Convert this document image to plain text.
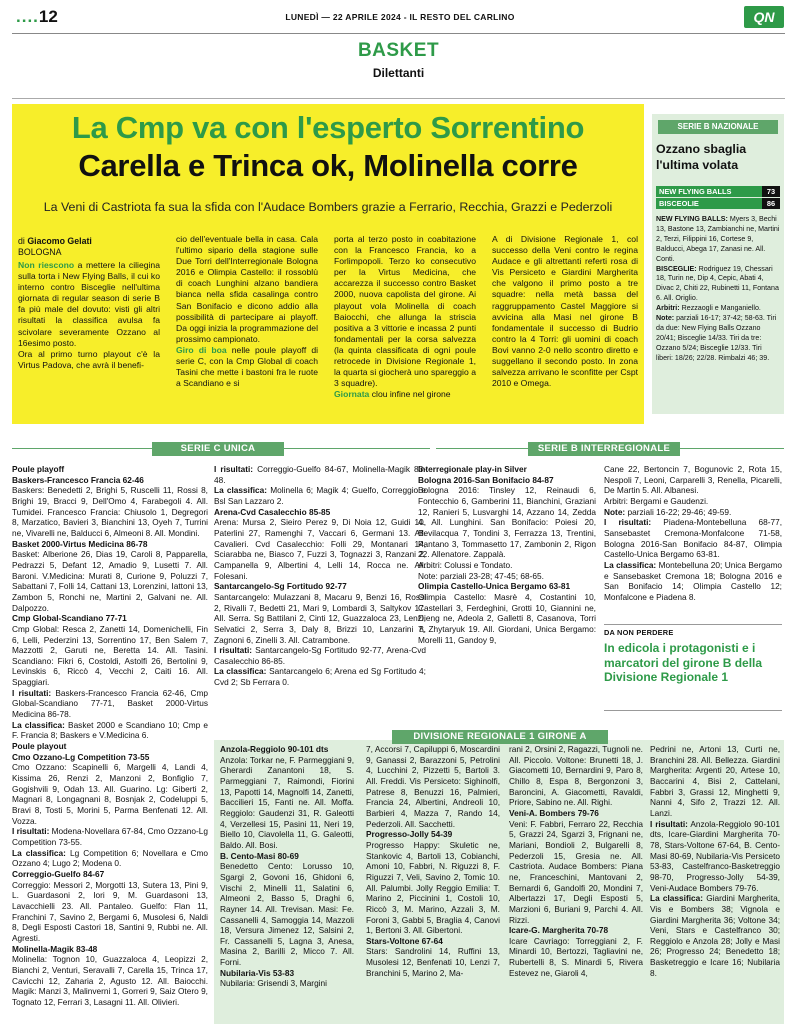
....12	LUNEDÌ — 22 APRILE 2024 - IL RESTO DEL CARLINO	QN
BASKET
Dilettanti
La Cmp va con l'esperto Sorrentino
Carella e Trinca ok, Molinella corre
La Veni di Castriota fa sua la sfida con l'Audace Bombers grazie a Ferrario, Recchia, Grazzi e Pederzoli
di Giacomo Gelati
BOLOGNA
Non riescono a mettere la ciliegina sulla torta i New Flying Balls, il cui ko interno contro Bisceglie nell'ultima giornata di regular season di serie B fa più male del dovuto: visti gli altri risultati la classifica avulsa fa scivolare severamente Ozzano al 16esimo posto.
Ora al primo turno playout c'è la Virtus Padova, che avrà il benefi-
cio dell'eventuale bella in casa. Cala l'ultimo sipario della stagione sulle Due Torri dell'Interregionale Bologna 2016 e Olimpia Castello: il rossoblù di coach Lunghini alzano bandiera bianca nella sfida casalinga contro San Bonifacio e dicono addio alla possibilità di partecipare ai playoff. Da oggi inizia la programmazione del prossimo campionato.
Giro di boa nelle poule playoff di serie C, con la Cmp Global di coach Tasini che mette i bastoni fra le ruote a Scandiano e si
porta al terzo posto in coabitazione con la Francesco Francia, ko a Forlimpopoli. Terzo ko consecutivo per la Virtus Medicina, che accarezza il successo contro Basket 2000, nuova capolista del girone. Ai playout vola Molinella di coach Baiocchi, che allunga la striscia positiva a 3 vittorie e incassa 2 punti fondamentali per la corsa salvezza (la quinta classificata di ogni poule retrocede in Divisione Regionale 1, la quarta si giocherà uno spareggio a 3 squadre).
Giornata clou infine nel girone
A di Divisione Regionale 1, col successo della Veni contro le regina Audace e gli altrettanti referti rosa di Vis Persiceto e Giardini Margherita che valgono il primo posto a tre squadre: nella metà bassa del raggruppamento Castel Maggiore si avvicina alla Masi nel girone B fondamentale il successo di Budrio contro la 4 Torri: gli uomini di coach Bovi vanno 2-0 nello scontro diretto e suggellano il secondo posto. In zona salvezza arrivano le sconfitte per Cspt 2010 e Omega.
SERIE B NAZIONALE
Ozzano sbaglia l'ultima volata
NEW FLYING BALLS	73
BISCEOLIE	86
NEW FLYING BALLS: Myers 3, Bechi 13, Bastone 13, Zambianchi ne, Martini 2, Terzi, Filippini 16, Cortese 9, Balducci, Abega 17, Zanasi ne. All. Conti.
BISCEGLIE: Rodriguez 19, Chessari 18, Turin ne, Dip 4, Cepic, Abati 4, Divac 2, Chiti 22, Rubinetti 11, Fontana 6. All. Origlio.
Arbitri: Rezzaogli e Manganiello.
Note: parziali 16-17; 37-42; 58-63. Tiri da due: New Flying Balls Ozzano 20/41; Bisceglie 14/33. Tiri da tre: Ozzano 5/24; Bisceglie 12/33. Tiri liberi: 18/26; 22/28. Rimbalzi 46; 39.
SERIE C UNICA
Poule playoff
Baskers-Francesco Francia 62-46
Baskers: Benedetti 2, Brighi 5, Ruscelli 11, Rossi 8, Brighi 19, Bracci 9, Dell'Omo 4, Farabegoli 4. All. Tumidei. Francesco Francia: Chiusolo 1, Degregori 8, Marzatico, Bavieri 3, Bianchini 13, Oyeh 7, Turrini ne, Vivarelli ne, Balducci 6, Almeoni 8. All. Mondini.
Basket 2000-Virtus Medicina 86-78
Basket: Alberione 26, Dias 19, Caroli 8, Papparella, Pedrazzi 5, Defant 12, Amadio 9, Lusetti 7. All. Baroni. V.Medicina: Murati 8, Curione 9, Poluzzi 7, Sabattani 7, Folli 14, Cattani 13, Lorenzini, Iattoni 13, Zambon 5, Ronchi ne, Martini 2, Galvani ne. All. Dalpozzo.
Cmp Global-Scandiano 77-71
Cmp Global: Resca 2, Zanetti 14, Domenichelli, Fin 6, Lelli, Pederzini 13, Sorrentino 17, Ben Salem 7, Mazzotti 2, Garuti ne, Beretta 14. All. Tasini. Scandiano: Fikri 6, Costoldi, Astolfi 26, Bertolini 9, Levinskis 6, Riccò 4, Vecchi 2, Caiti 16. All. Spaggiari.
I risultati: Baskers-Francesco Francia 62-46, Cmp Global-Scandiano 77-71, Basket 2000-Virtus Medicina 86-78.
La classifica: Basket 2000 e Scandiano 10; Cmp e F. Francia 8; Baskers e V.Medicina 6.
Poule playout
Cmo Ozzano-Lg Competition 73-55
Cmo Ozzano: Scapinelli 6, Margelli 4, Landi 4, Kissima 26, Renzi 2, Manzoni 2, Bonfiglio 7, Gogishvili 9, Odah 13. All. Guarino. Lg: Giberti 2, Magnari 8, Longagnani 8, Bosnjak 2, Codeluppi 5, Bravi 8, Tosti 5, Morini 5, Parma Benfenati 12. All. Vozza.
I risultati: Modena-Novellara 67-84, Cmo Ozzano-Lg Competition 73-55.
La classifica: Lg Competition 6; Novellara e Cmo Ozzano 4; Lugo 2; Modena 0.
Correggio-Guelfo 84-67
Correggio: Messori 2, Morgotti 13, Sutera 13, Pini 9, L. Guardasoni 2, Iori 9, M. Guardasoni 13, Lavacchielli 23. All. Pantaleo. Guelfo: Flan 11, Franchini 7, Savino 2, Bergami 6, Musolesi 6, Naldi 8, Degli Esposti Castori 18, Santini 9, Rubbi ne. All. Agresti.
Molinella-Magik 83-48
Molinella: Tognon 10, Guazzaloca 4, Leopizzi 2, Bianchi 2, Venturi, Seravalli 7, Carella 15, Trinca 17, Cavicchi 12, Zaharia 2, Agusto 12. All. Baiocchi. Magik: Manzi 3, Malinverni 1, Gorreri 9, Saiz Otero 9, Tognato 12, Ferrari 3, Lasagni 11. All. Olivieri.
I risultati: Correggio-Guelfo 84-67, Molinella-Magik 83-48.
La classifica: Molinella 6; Magik 4; Guelfo, Correggio e Bsl San Lazzaro 2.
Arena-Cvd Casalecchio 85-85
Arena: Mursa 2, Sieiro Perez 9, Di Noia 12, Guidi 10, Paterlini 27, Ramenghi 7, Vaccari 6, Germani 13. All. Cavalieri. Cvd Casalecchio: Folli 29, Montanari 14, Sciarabba ne, Biasco 7, Fuzzi 3, Tognazzi 3, Ranzani 2, Campanella 9, Albertini 4, Lelli 14, Rocca ne. All. Folesani.
Santarcangelo-Sg Fortitudo 92-77
Santarcangelo: Mulazzani 8, Macaru 9, Benzi 16, Rossi 2, Rivalli 7, Bedetti 21, Mari 9, Lombardi 3, Saltykov 17. All. Serra. Sg Battilani 2, Cinti 12, Guazzaloca 23, Lenzi, Selvatici 2, Serra 3, Daly 8, Brizzi 10, Lanzarini 8, Zagnoni 6, Zinelli 3. All. Catrambone.
I risultati: Santarcangelo-Sg Fortitudo 92-77, Arena-Cvd Casalecchio 86-85.
La classifica: Santarcangelo 6; Arena ed Sg Fortitudo 4; Cvd 2; Sb Ferrara 0.
SERIE B INTERREGIONALE
Interregionale play-in Silver
Bologna 2016-San Bonifacio 84-87
Bologna 2016: Tinsley 12, Reinaudi 6, Fontecchio 6, Gamberini 11, Bianchini, Graziani 12, Ranieri 5, Lusvarghi 14, Azzano 14, Zedda 4. All. Lunghini. San Bonifacio: Poiesi 20, Bevilacqua 7, Tondini 3, Ferrazza 13, Trentini, Pantano 3, Tommasetto 17, Zambonin 2, Rigon 22. Allenatore. Zappalà.
Arbitri: Colussi e Tondato.
Note: parziali 23-28; 47-45; 68-65.
Olimpia Castello-Unica Bergamo 63-81
Olimpia Castello: Masrè 4, Costantini 10, Castellari 3, Ferdeghini, Grotti 10, Giannini ne, Dieng ne, Adeola 2, Galletti 8, Casanova, Torri 7, Zhytaryuk 19. All. Giordani, Unica Bergamo: Morelli 11, Gandoy 9,
Cane 22, Bertoncin 7, Bogunovic 2, Rota 15, Nespoli 7, Leoni, Carparelli 3, Renella, Picarelli, De Martin 5. All. Albanesi.
Arbitri: Bergami e Gaudenzi.
Note: parziali 16-22; 29-46; 49-59.
I risultati: Piadena-Montebelluna 68-77, Sansebastet Cremona-Monfalcone 71-58, Bologna 2016-San Bonifacio 84-87, Olimpia Castello-Unica Bergamo 63-81.
La classifica: Montebelluna 20; Unica Bergamo e Sansebasket Cremona 18; Bologna 2016 e San Bonifacio 14; Olimpia Castello 12; Monfalcone e Piadena 8.
DA NON PERDERE
In edicola i protagonisti e i marcatori del girone B della Divisione Regionale 1
DIVISIONE REGIONALE 1 GIRONE A
Anzola-Reggiolo 90-101 dts
Anzola: Torkar ne, F. Parmeggiani 9, Gherardi Zanantoni 18, S. Parmeggiani 7, Raimondi, Fiorini 13, Papotti 14, Magnolfi 14, Zanetti, Baccilieri 15, Fanti ne. All. Moffa. Reggiolo: Gaudenzi 31, R. Galeotti 4, Verzellesi 15, Pasini 11, Neri 19, Biello 10, Ciavolella 11, G. Galeotti, Baldo. All. Bosi.
B. Cento-Masi 80-69
Benedetto Cento: Lorusso 10, Sgargi 2, Govoni 16, Ghidoni 6, Vischi 2, Minelli 11, Salatini 6, Almeoni 2, Basso 5, Draghi 6, Rayner 14. All. Trevisan. Masi: Fe. Cassanelli 4, Samoggia 14, Mazzoli 18, Versura Jimenez 12, Salsini 2, Fr. Cassanelli 5, Lagna 3, Anesa, Masina 2, Barilli 2, Micco 7. All. Forni.
Nubilaria-Vis 53-83
Nubilaria: Grisendi 3, Margini
7, Accorsi 7, Capiluppi 6, Moscardini 9, Ganassi 2, Barazzoni 5, Petrolini 4, Lucchini 2, Pizzetti 5, Bartoli 3. All. Freddi. Vis Persiceto: Sighinolfi, Patrese 8, Benuzzi 16, Palmieri, Francia 24, Albertini, Andreoli 10, Barbieri 4, Mazza 7, Rando 14, Pederzoli. All. Sacchetti.
Progresso-Jolly 54-39
Progresso Happy: Skuletic ne, Stankovic 4, Bartoli 13, Cobianchi, Amoni 10, Fabbri, N. Riguzzi 8, F. Riguzzi 7, Veli, Savino 2, Tomic 10. All. Palumbi. Jolly Reggio Emilia: T. Marino 2, Piccinini 1, Costoli 10, Riccò 3, M. Marino, Azzali 3, M. Foroni 3, Gabbi 5, Braglia 4, Canovi 1, Bertoni 3. All. Gibertoni.
Stars-Voltone 67-64
Stars: Sandrolini 14, Ruffini 13, Musolesi 12, Benfenati 10, Lenzi 7, Branchini 5, Marino 2, Ma-
rani 2, Orsini 2, Ragazzi, Tugnoli ne. All. Piccolo. Voltone: Brunetti 18, J. Giacometti 10, Bernardini 9, Paro 8, Chillo 8, Espa 8, Bergonzoni 3, Baroncini, A. Giacometti, Ravaldi, Priore, Sabino ne. All. Righi.
Veni-A. Bombers 79-76
Veni: F. Fabbri, Ferraro 22, Recchia 5, Grazzi 24, Sgarzi 3, Frignani ne, Mariani, Bondioli 2, Bulgarelli 8, Pederzoli 15, Gresia ne. All. Castriota. Audace Bombers: Piana ne, Franceschini, Mantovani 2, Bernardi 6, Gandolfi 20, Mondini 7, Albertazzi 17, Degli Esposti 5, Marzioni 6, Buriani 9, Parchi 4. All. Rizzi.
Icare-G. Margherita 70-78
Icare Cavriago: Torreggiani 2, F. Minardi 10, Bertozzi, Tagliavini ne, Rubertelli 8, S. Minardi 5, Rivera Estevez ne, Giaroli 4,
Pedrini ne, Artoni 13, Curti ne, Branchini 28. All. Bellezza. Giardini Margherita: Argenti 20, Artese 10, Baccarini 4, Bisi 2, Cattelani, Fabbri 3, Grassi 12, Minghetti 9, Nanni 4, Sifo 2, Trazzi 12. All. Lanzi.
I risultati: Anzola-Reggiolo 90-101 dts, Icare-Giardini Margherita 70-78, Stars-Voltone 67-64, B. Cento-Masi 80-69, Nubilaria-Vis Persiceto 53-83, Castelfranco-Basketreggio 98-70, Progresso-Jolly 54-39, Veni-Audace Bombers 79-76.
La classifica: Giardini Margherita, Vis e Bombers 38; Vignola e Giardini Margherita 36; Voltone 34; Veni, Stars e Castelfranco 30; Reggiolo e Anzola 28; Jolly e Masi 26; Progresso 24; Benedetto 18; Basketreggio e Icare 16; Nubilaria 8.
